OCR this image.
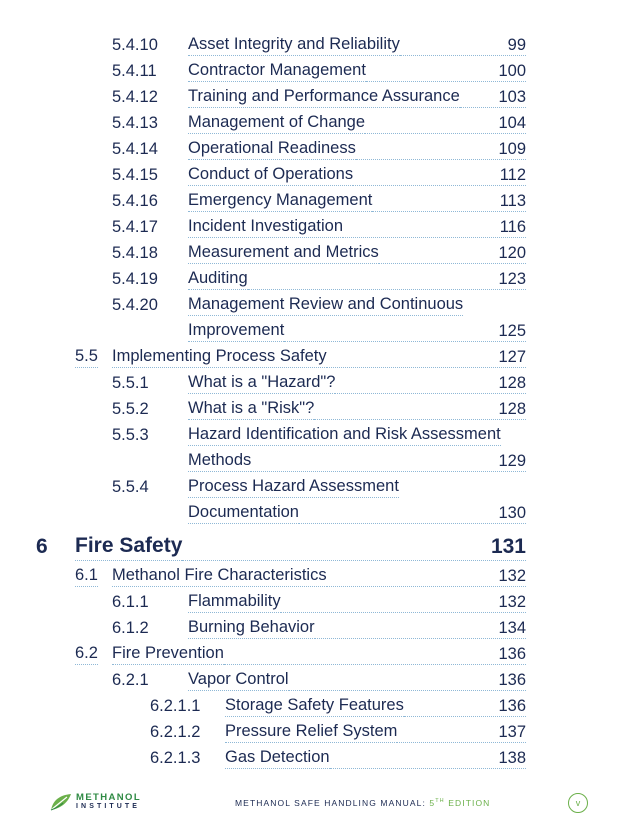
5.4.10 Asset Integrity and Reliability	99
5.4.11 Contractor Management	100
5.4.12 Training and Performance Assurance 103
5.4.13 Management of Change	104
5.4.14 Operational Readiness	109
5.4.15 Conduct of Operations	112
5.4.16 Emergency Management	113
5.4.17 Incident Investigation	116
5.4.18 Measurement and Metrics	120
5.4.19 Auditing	123
5.4.20 Management Review and Continuous
Improvement	125
5.5 Implementing Process Safety	127
5.5.1 What is a "Hazard"?	128
5.5.2 What is a "Risk"?	128
5.5.3 Hazard Identification and Risk Assessment
Methods	129
5.5.4 Process Hazard Assessment
Documentation	130
6 Fire Safety	131
6.1 Methanol Fire Characteristics	132
6.1.1 Flammability	132
6.1.2 Burning Behavior	134
6.2 Fire Prevention	136
6.2.1 Vapor Control	136
6.2.1.1 Storage Safety Features	136
6.2.1.2 Pressure Relief System	137
6.2.1.3 Gas Detection	138
METHANOL
INSTITUTE	METHANOL SAFE HANDLING MANUAL: 5TH EDITION	v
